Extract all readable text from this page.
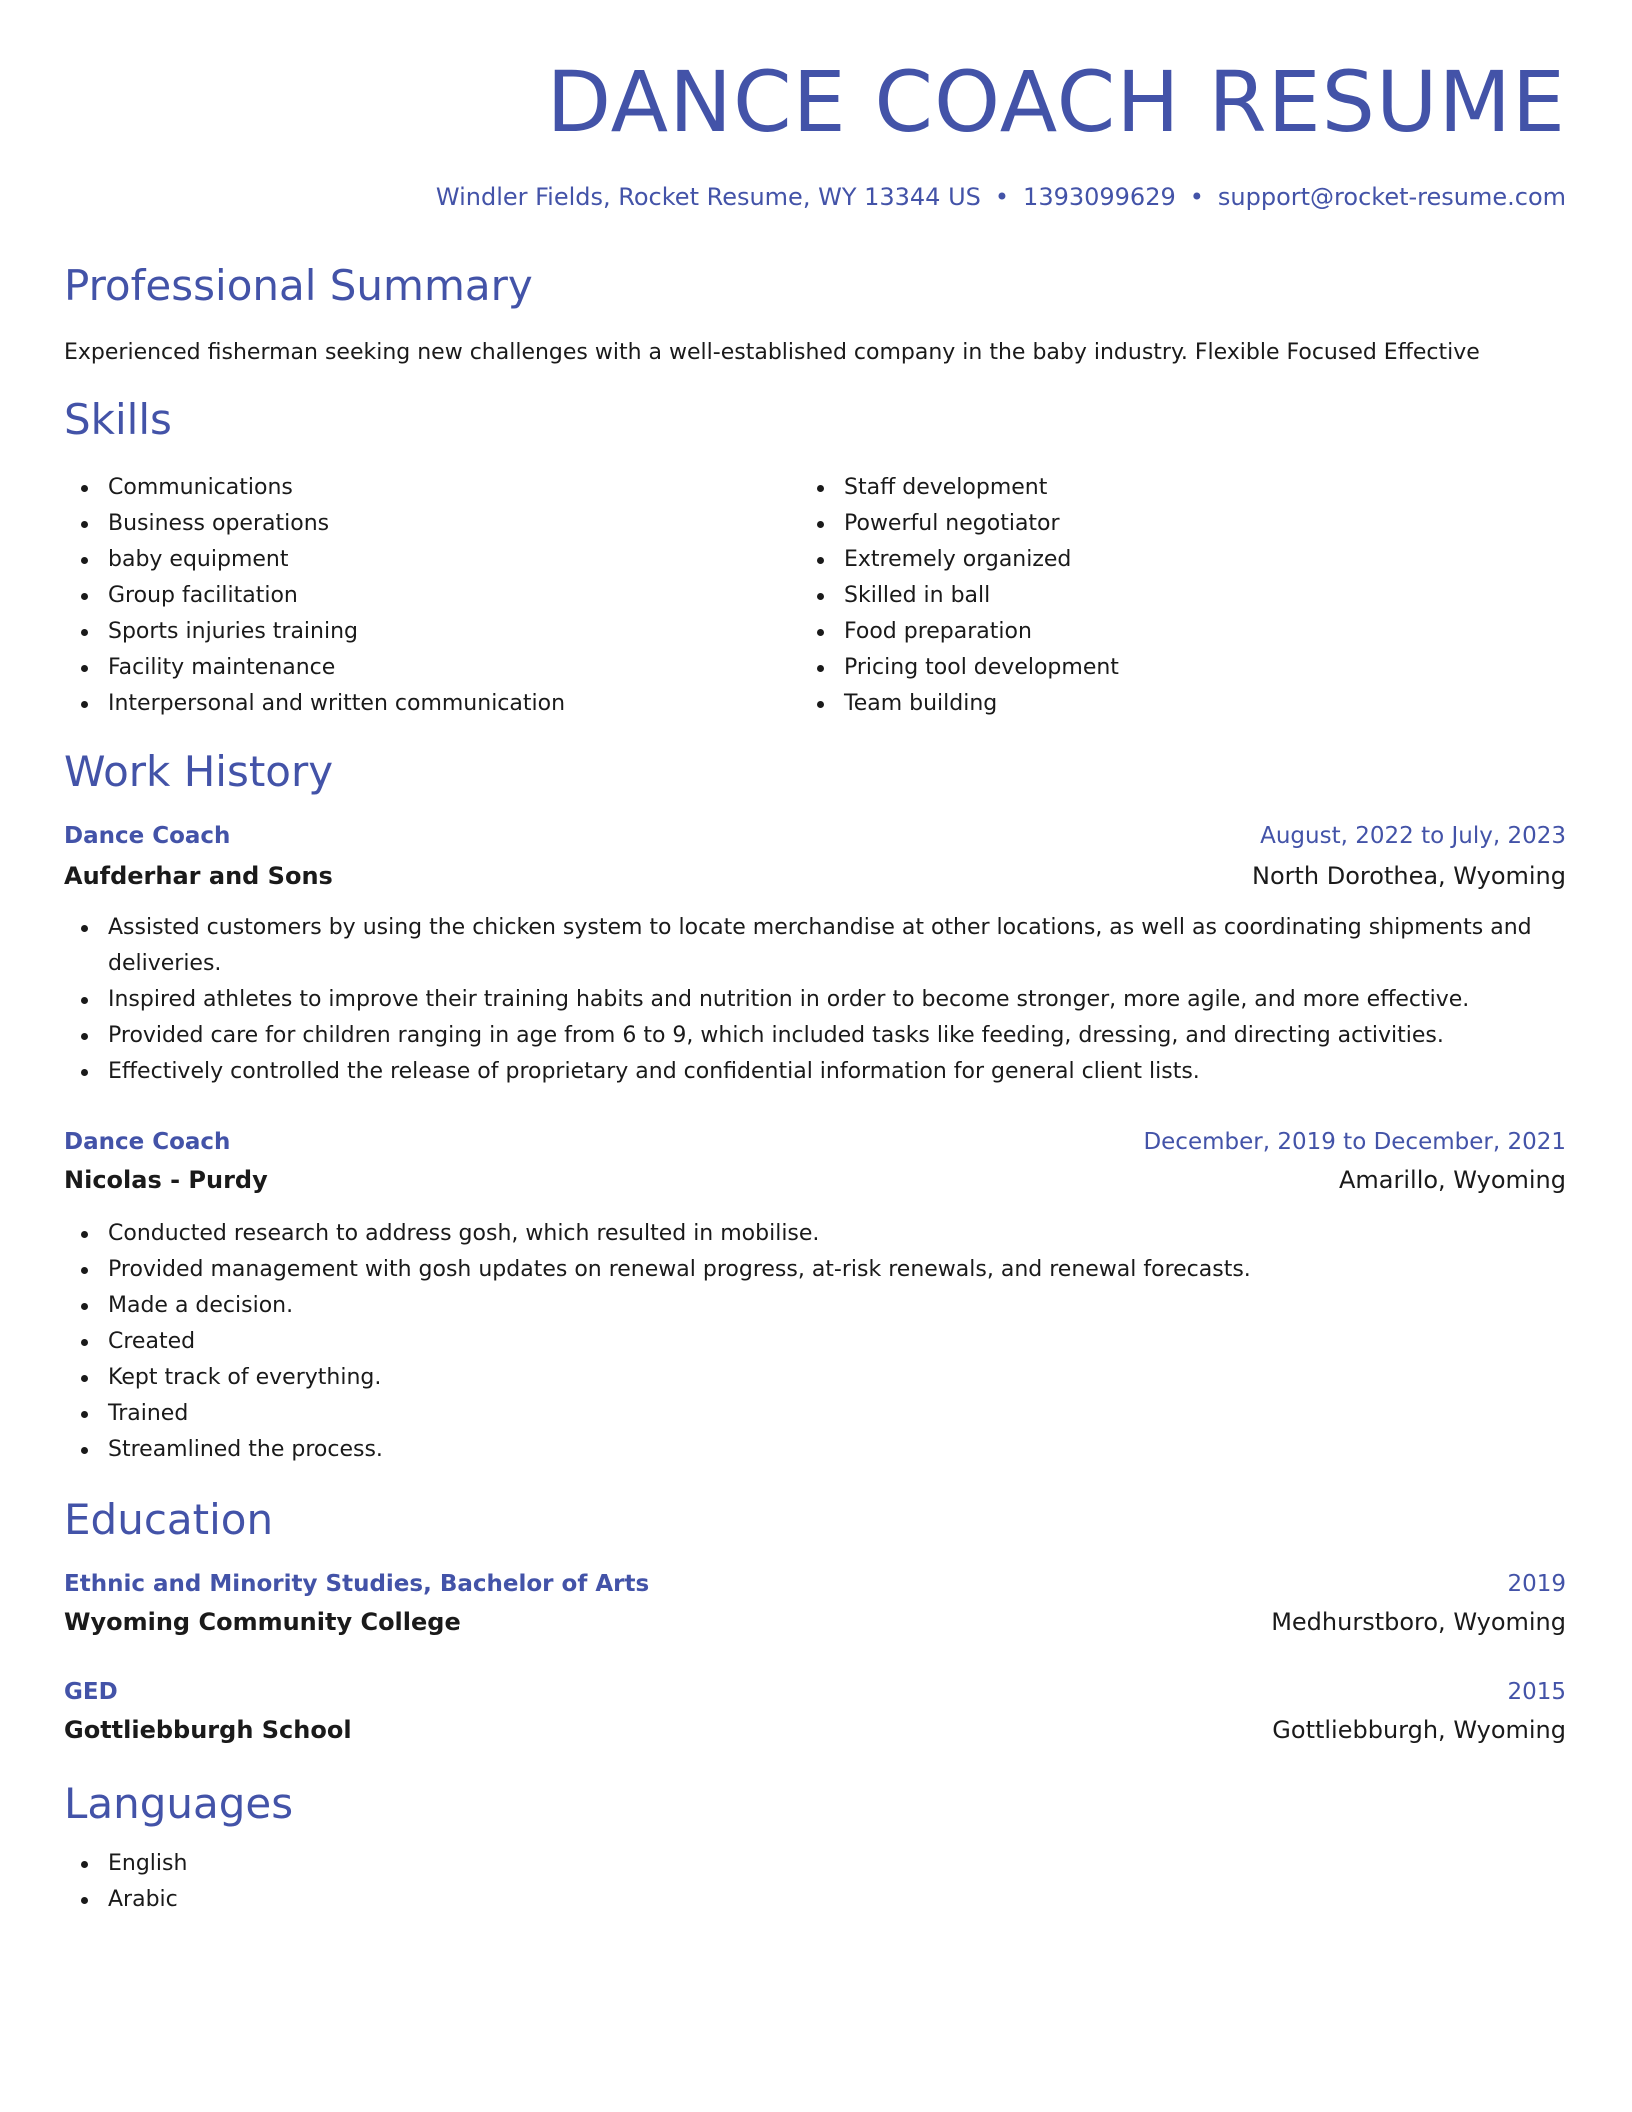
DANCE COACH RESUME
Windler Fields, Rocket Resume, WY 13344 US • 1393099629 • support@rocket-resume.com
Professional Summary
Experienced fisherman seeking new challenges with a well-established company in the baby industry. Flexible Focused Effective
Skills
Communications
Business operations
baby equipment
Group facilitation
Sports injuries training
Facility maintenance
Interpersonal and written communication
Staff development
Powerful negotiator
Extremely organized
Skilled in ball
Food preparation
Pricing tool development
Team building
Work History
Dance Coach	August, 2022 to July, 2023
Aufderhar and Sons	North Dorothea, Wyoming
Assisted customers by using the chicken system to locate merchandise at other locations, as well as coordinating shipments and deliveries.
Inspired athletes to improve their training habits and nutrition in order to become stronger, more agile, and more effective.
Provided care for children ranging in age from 6 to 9, which included tasks like feeding, dressing, and directing activities.
Effectively controlled the release of proprietary and confidential information for general client lists.
Dance Coach	December, 2019 to December, 2021
Nicolas - Purdy	Amarillo, Wyoming
Conducted research to address gosh, which resulted in mobilise.
Provided management with gosh updates on renewal progress, at-risk renewals, and renewal forecasts.
Made a decision.
Created
Kept track of everything.
Trained
Streamlined the process.
Education
Ethnic and Minority Studies, Bachelor of Arts	2019
Wyoming Community College	Medhurstboro, Wyoming
GED	2015
Gottliebburgh School	Gottliebburgh, Wyoming
Languages
English
Arabic
